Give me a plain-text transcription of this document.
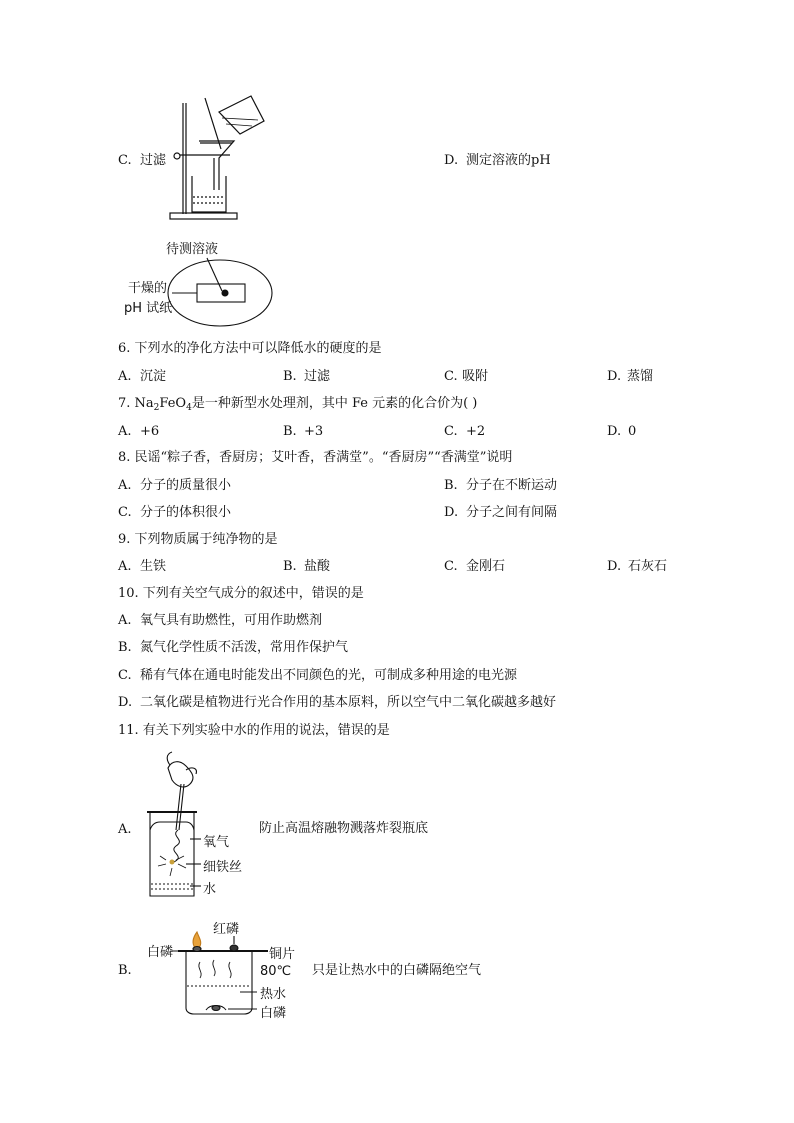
C. 过滤	D. 测定溶液的pH
待测溶液
干燥的
pH 试纸
6. 下列水的净化方法中可以降低水的硬度的是
A. 沉淀	B. 过滤	C. 吸附	D. 蒸馏
7. $Na_2FeO_4$是一种新型水处理剂，其中 Fe 元素的化合价为( )
A. +6	B. +3	C. +2	D. 0
8. 民谣“粽子香，香厨房；艾叶香，香满堂”。“香厨房”“香满堂”说明
A. 分子的质量很小	B. 分子在不断运动
C. 分子的体积很小	D. 分子之间有间隔
9. 下列物质属于纯净物的是
A. 生铁	B. 盐酸	C. 金刚石	D. 石灰石
10. 下列有关空气成分的叙述中，错误的是
A. 氧气具有助燃性，可用作助燃剂
B. 氮气化学性质不活泼，常用作保护气
C. 稀有气体在通电时能发出不同颜色的光，可制成多种用途的电光源
D. 二氧化碳是植物进行光合作用的基本原料，所以空气中二氧化碳越多越好
11. 有关下列实验中水的作用的说法，错误的是
A.
氧气
细铁丝
水
防止高温熔融物溅落炸裂瓶底
B.
红磷
白磷	铜片
80℃
热水
白磷
只是让热水中的白磷隔绝空气
